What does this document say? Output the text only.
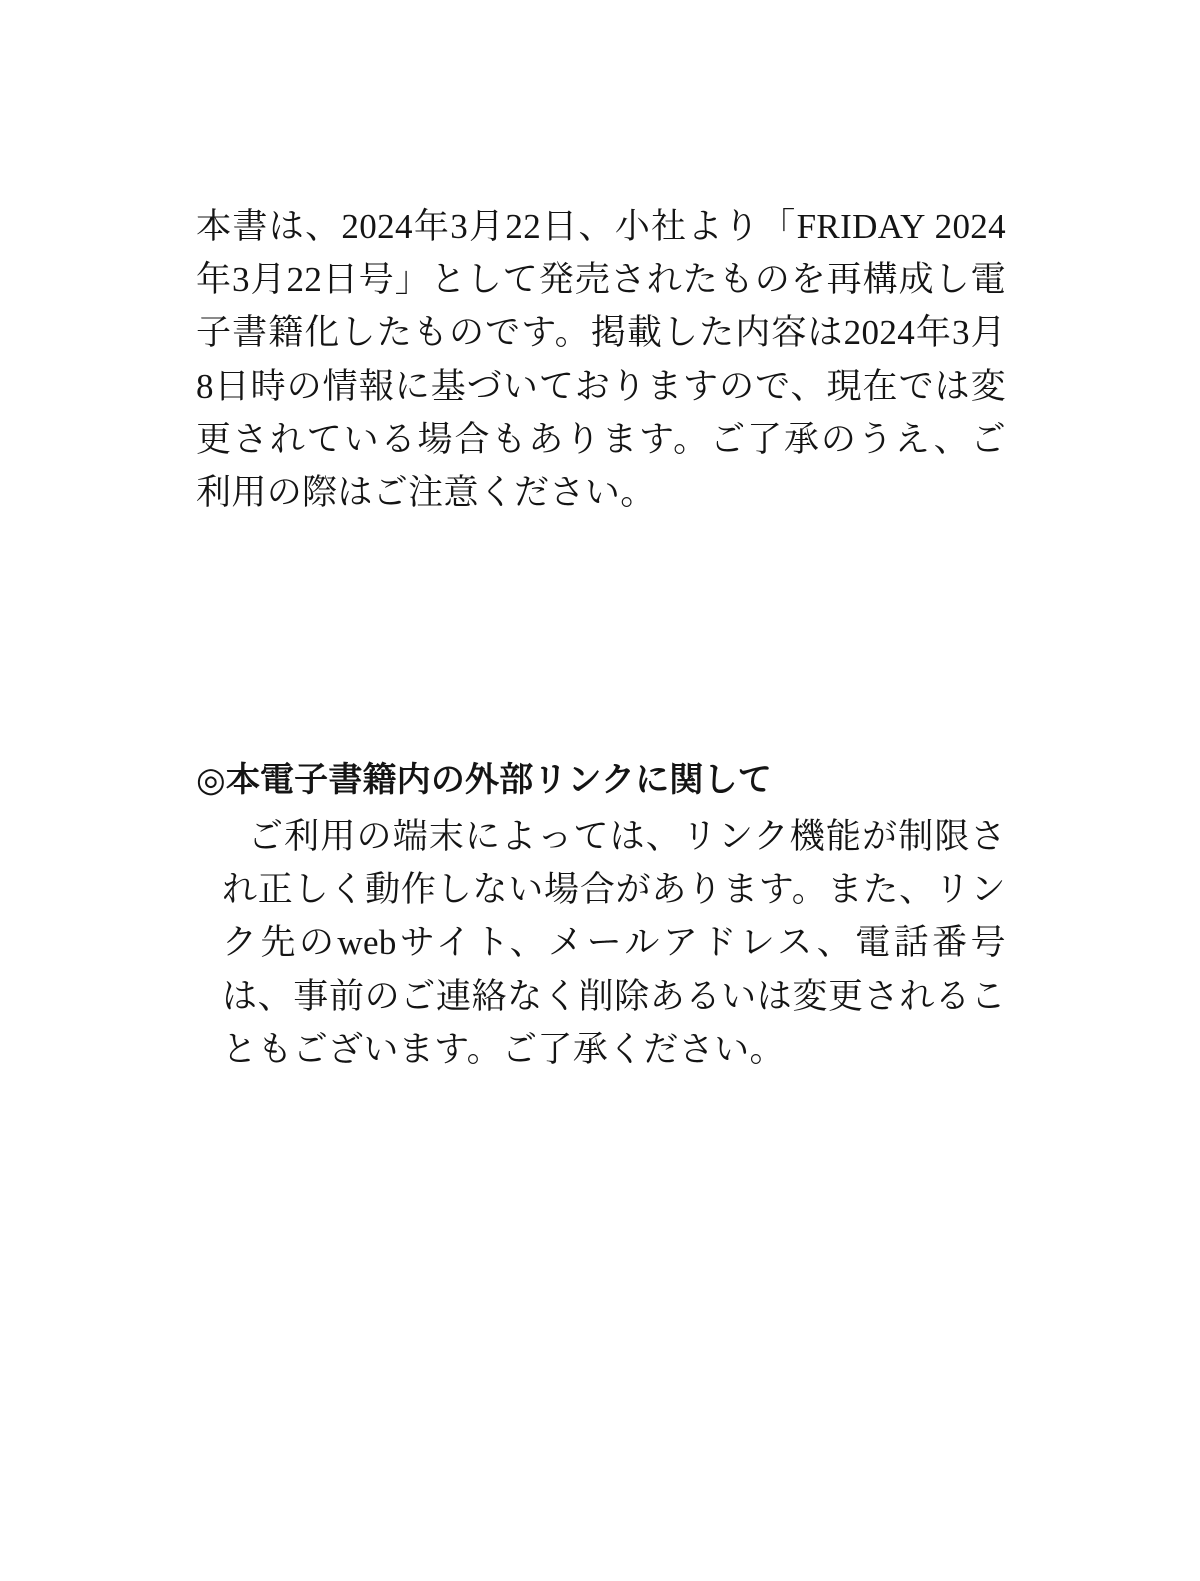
本書は、2024年3月22日、小社より「FRIDAY 2024年3月22日号」として発売されたものを再構成し電子書籍化したものです。掲載した内容は2024年3月8日時の情報に基づいておりますので、現在では変更されている場合もあります。ご了承のうえ、ご利用の際はご注意ください。

◎本電子書籍内の外部リンクに関して

ご利用の端末によっては、リンク機能が制限され正しく動作しない場合があります。また、リンク先のwebサイト、メールアドレス、電話番号は、事前のご連絡なく削除あるいは変更されることもございます。ご了承ください。
